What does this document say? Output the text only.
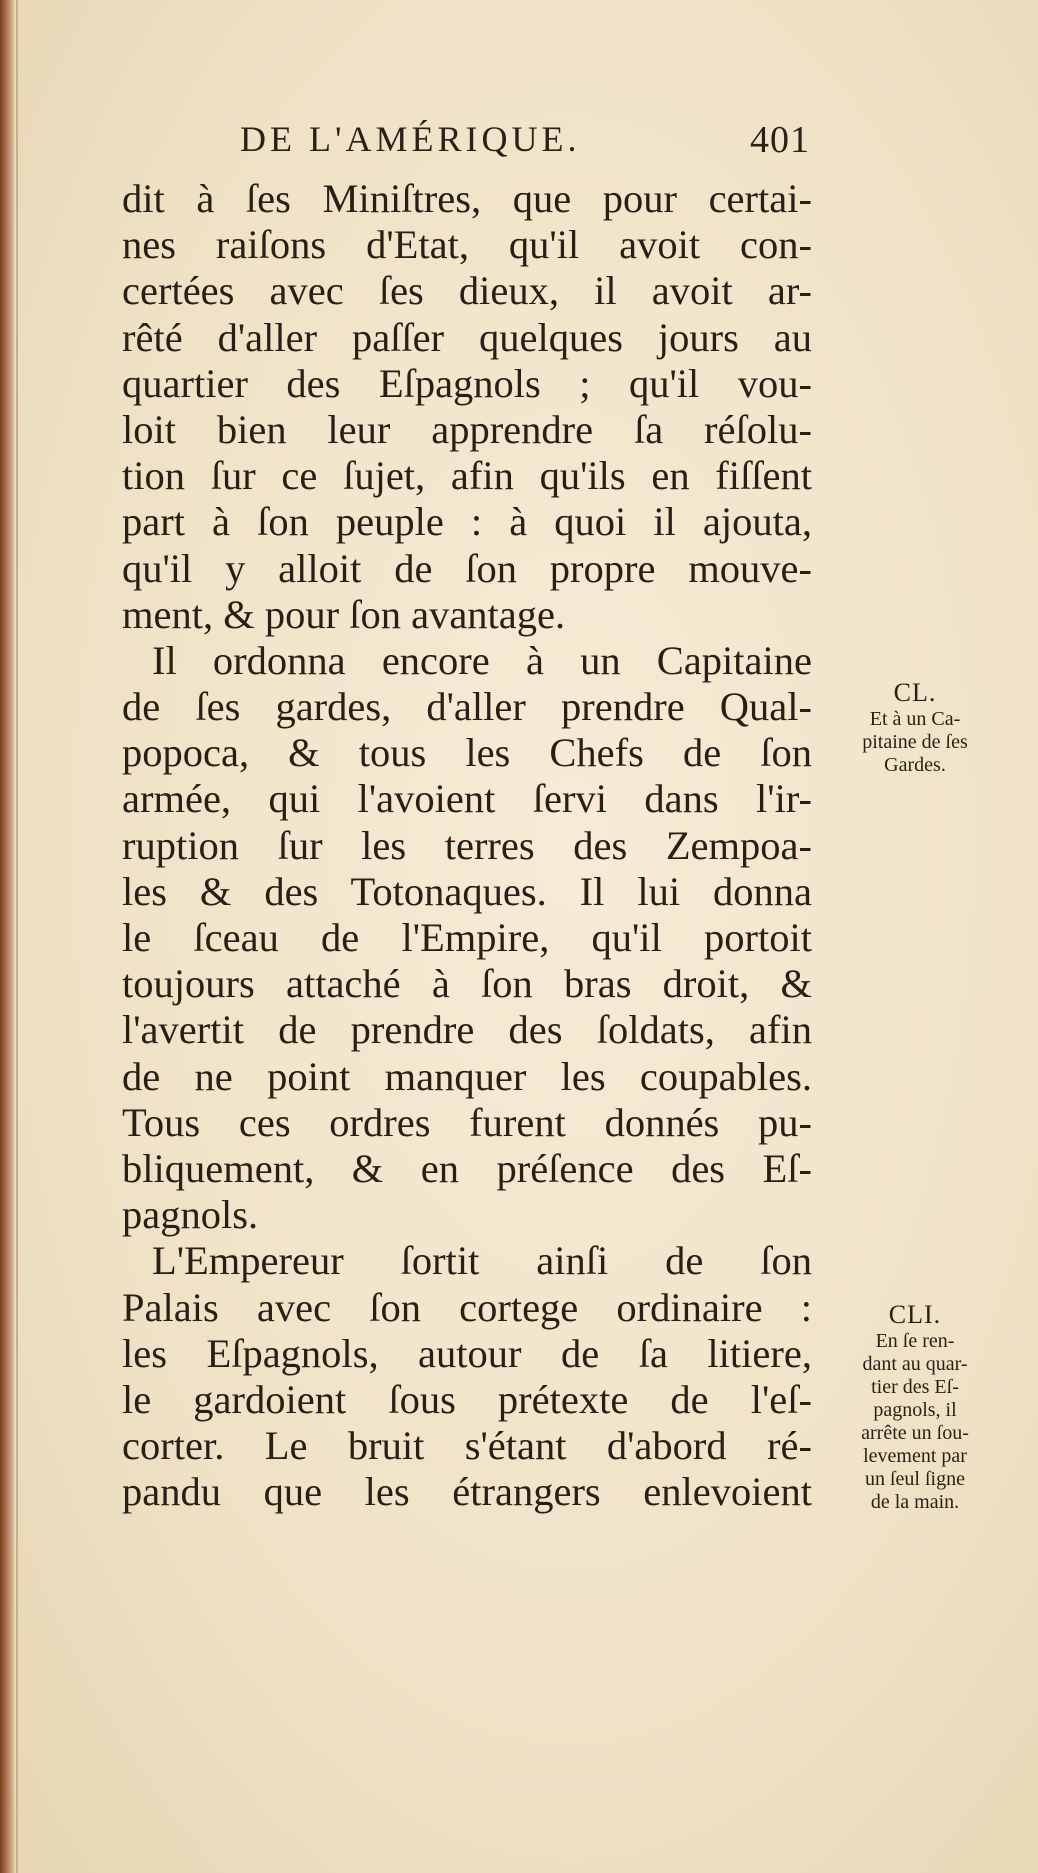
DE L'AMÉRIQUE.	401
dit à ſes Miniſtres, que pour certai-
nes raiſons d'Etat, qu'il avoit con-
certées avec ſes dieux, il avoit ar-
rêté d'aller paſſer quelques jours au
quartier des Eſpagnols ; qu'il vou-
loit bien leur apprendre ſa réſolu-
tion ſur ce ſujet, afin qu'ils en fiſſent
part à ſon peuple : à quoi il ajouta,
qu'il y alloit de ſon propre mouve-
ment, & pour ſon avantage.
Il ordonna encore à un Capitaine
de ſes gardes, d'aller prendre Qual-
popoca, & tous les Chefs de ſon
armée, qui l'avoient ſervi dans l'ir-
ruption ſur les terres des Zempoa-
les & des Totonaques. Il lui donna
le ſceau de l'Empire, qu'il portoit
toujours attaché à ſon bras droit, &
l'avertit de prendre des ſoldats, afin
de ne point manquer les coupables.
Tous ces ordres furent donnés pu-
bliquement, & en préſence des Eſ-
pagnols.
L'Empereur ſortit ainſi de ſon
Palais avec ſon cortege ordinaire :
les Eſpagnols, autour de ſa litiere,
le gardoient ſous prétexte de l'eſ-
corter. Le bruit s'étant d'abord ré-
pandu que les étrangers enlevoient
CL.
Et à un Ca-
pitaine de ſes
Gardes.
CLI.
En ſe ren-
dant au quar-
tier des Eſ-
pagnols, il
arrête un ſou-
levement par
un ſeul ſigne
de la main.
